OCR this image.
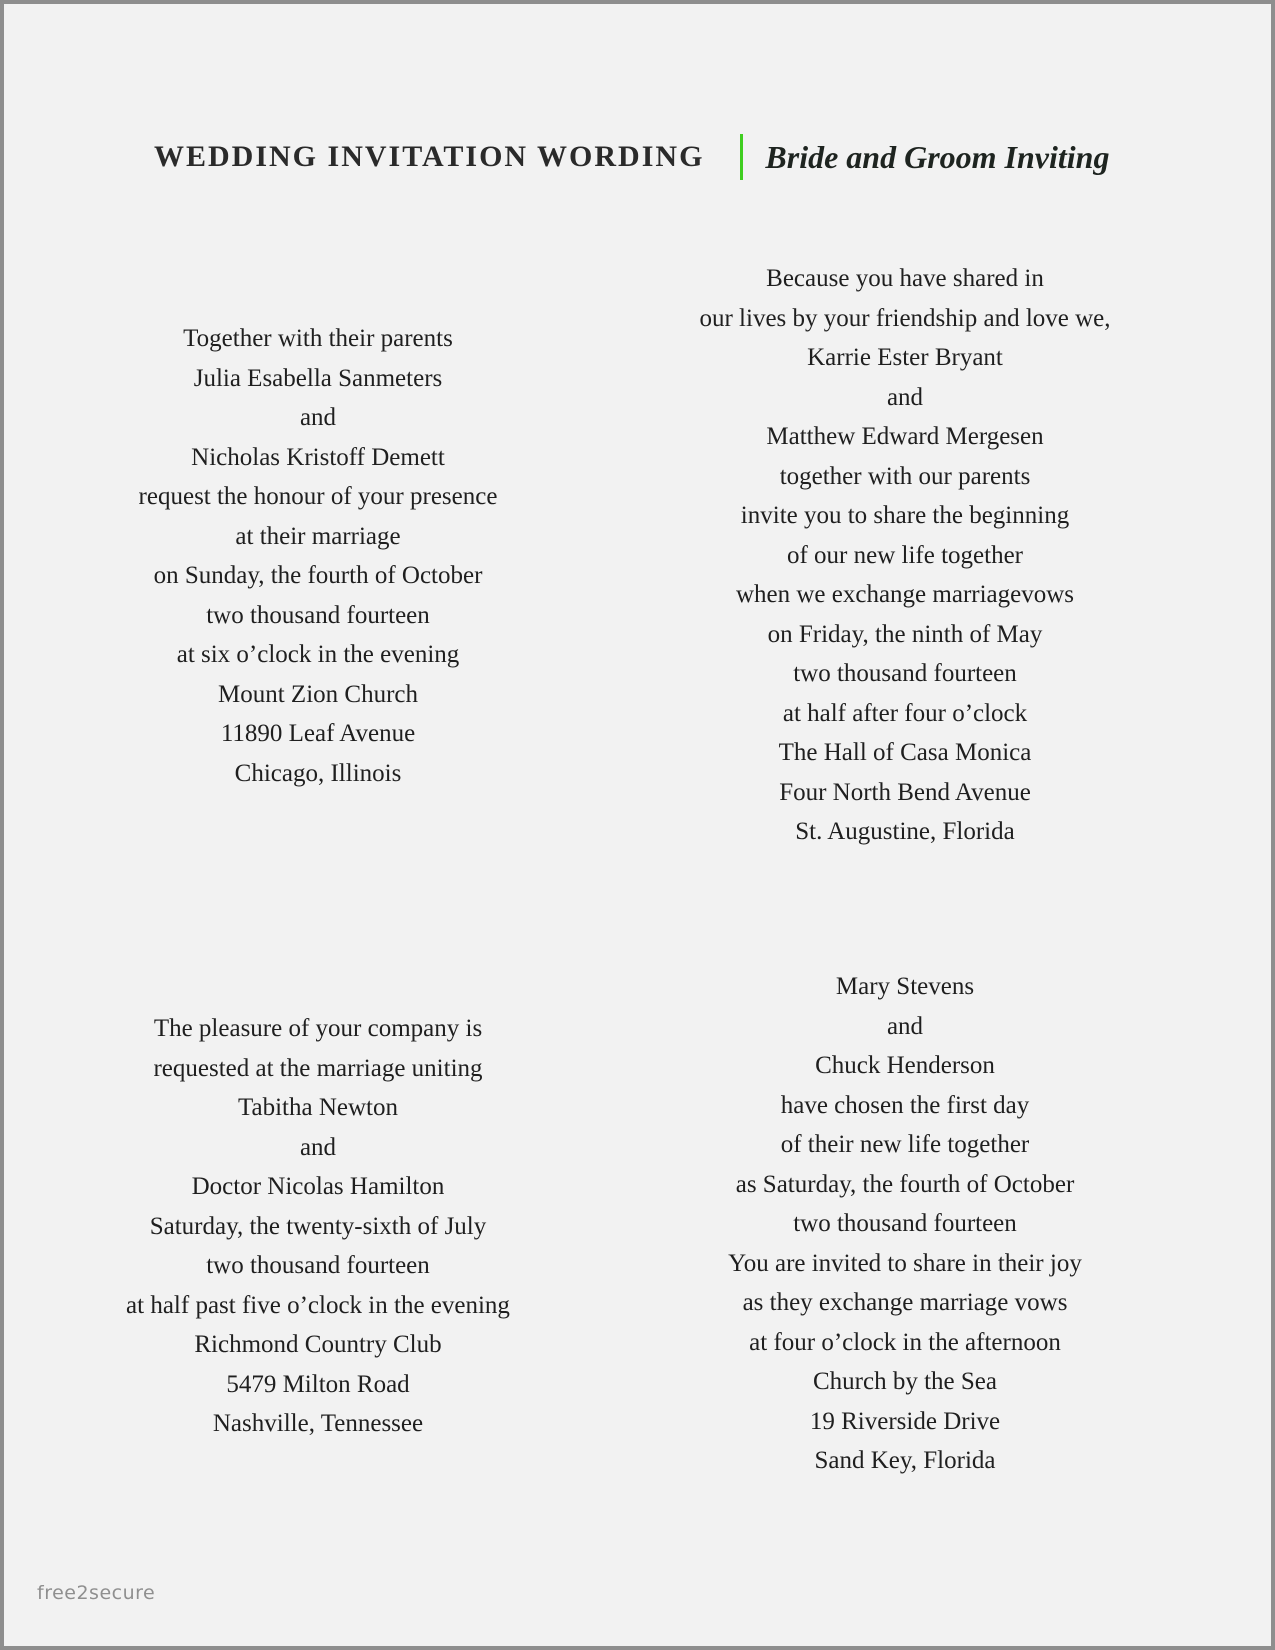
WEDDING INVITATION WORDING Bride and Groom Inviting
Together with their parents
Julia Esabella Sanmeters
and
Nicholas Kristoff Demett
request the honour of your presence
at their marriage
on Sunday, the fourth of October
two thousand fourteen
at six o’clock in the evening
Mount Zion Church
11890 Leaf Avenue
Chicago, Illinois
Because you have shared in
our lives by your friendship and love we,
Karrie Ester Bryant
and
Matthew Edward Mergesen
together with our parents
invite you to share the beginning
of our new life together
when we exchange marriagevows
on Friday, the ninth of May
two thousand fourteen
at half after four o’clock
The Hall of Casa Monica
Four North Bend Avenue
St. Augustine, Florida
The pleasure of your company is
requested at the marriage uniting
Tabitha Newton
and
Doctor Nicolas Hamilton
Saturday, the twenty-sixth of July
two thousand fourteen
at half past five o’clock in the evening
Richmond Country Club
5479 Milton Road
Nashville, Tennessee
Mary Stevens
and
Chuck Henderson
have chosen the first day
of their new life together
as Saturday, the fourth of October
two thousand fourteen
You are invited to share in their joy
as they exchange marriage vows
at four o’clock in the afternoon
Church by the Sea
19 Riverside Drive
Sand Key, Florida
free2secure
